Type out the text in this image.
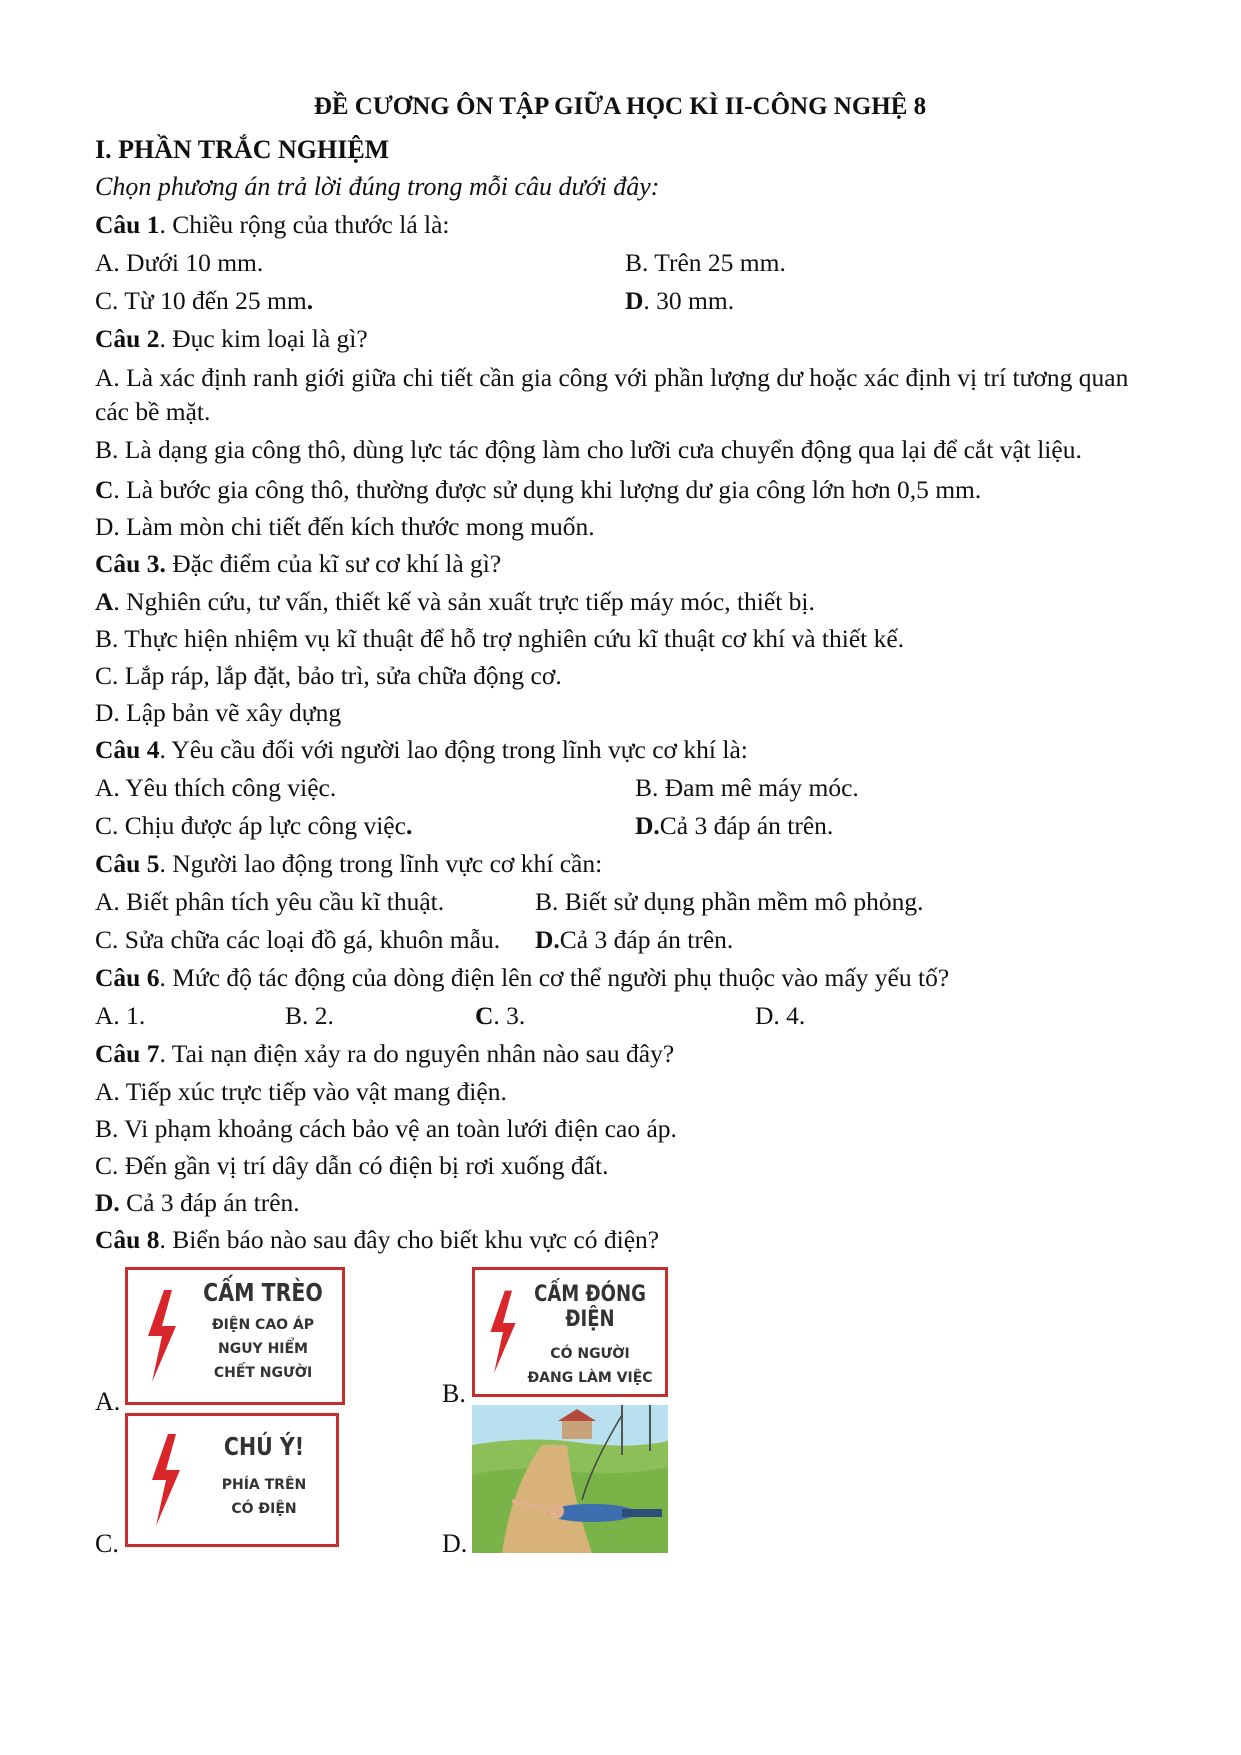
ĐỀ CƯƠNG ÔN TẬP GIỮA HỌC KÌ II-CÔNG NGHỆ 8

I. PHẦN TRẮC NGHIỆM

Chọn phương án trả lời đúng trong mỗi câu dưới đây:

Câu 1. Chiều rộng của thước lá là:

A. Dưới 10 mm.	B. Trên 25 mm.
C. Từ 10 đến 25 mm.	D. 30 mm.

Câu 2. Đục kim loại là gì?

A. Là xác định ranh giới giữa chi tiết cần gia công với phần lượng dư hoặc xác định vị trí tương quan các bề mặt.

B. Là dạng gia công thô, dùng lực tác động làm cho lưỡi cưa chuyển động qua lại để cắt vật liệu.

C. Là bước gia công thô, thường được sử dụng khi lượng dư gia công lớn hơn 0,5 mm.

D. Làm mòn chi tiết đến kích thước mong muốn.

Câu 3. Đặc điểm của kĩ sư cơ khí là gì?

A. Nghiên cứu, tư vấn, thiết kế và sản xuất trực tiếp máy móc, thiết bị.

B. Thực hiện nhiệm vụ kĩ thuật để hỗ trợ nghiên cứu kĩ thuật cơ khí và thiết kế.

C. Lắp ráp, lắp đặt, bảo trì, sửa chữa động cơ.

D. Lập bản vẽ xây dựng

Câu 4. Yêu cầu đối với người lao động trong lĩnh vực cơ khí là:

A. Yêu thích công việc.	B. Đam mê máy móc.
C. Chịu được áp lực công việc.	D.Cả 3 đáp án trên.

Câu 5. Người lao động trong lĩnh vực cơ khí cần:

A. Biết phân tích yêu cầu kĩ thuật.	B. Biết sử dụng phần mềm mô phỏng.
C. Sửa chữa các loại đồ gá, khuôn mẫu.	D.Cả 3 đáp án trên.

Câu 6. Mức độ tác động của dòng điện lên cơ thể người phụ thuộc vào mấy yếu tố?

A. 1.	B. 2.	C. 3.	D. 4.

Câu 7. Tai nạn điện xảy ra do nguyên nhân nào sau đây?

A. Tiếp xúc trực tiếp vào vật mang điện.

B. Vi phạm khoảng cách bảo vệ an toàn lưới điện cao áp.

C. Đến gần vị trí dây dẫn có điện bị rơi xuống đất.

D. Cả 3 đáp án trên.

Câu 8. Biển báo nào sau đây cho biết khu vực có điện?

A.
CẤM TRÈO
ĐIỆN CAO ÁP
NGUY HIỂM
CHẾT NGƯỜI
B.
CẤM ĐÓNG ĐIỆN
CÓ NGƯỜI
ĐANG LÀM VIỆC
C.
CHÚ Ý!
PHÍA TRÊN
CÓ ĐIỆN
D.
